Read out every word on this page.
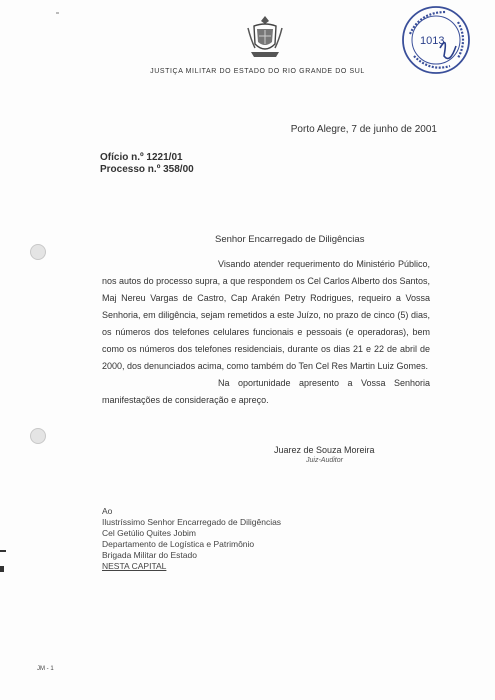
JUSTIÇA MILITAR DO ESTADO DO RIO GRANDE DO SUL
1013
Porto Alegre, 7 de junho de 2001
Ofício n.º 1221/01
Processo n.º 358/00
Senhor Encarregado de Diligências

Visando atender requerimento do Ministério Público, nos autos do processo supra, a que respondem os Cel Carlos Alberto dos Santos, Maj Nereu Vargas de Castro, Cap Arakén Petry Rodrigues, requeiro a Vossa Senhoria, em diligência, sejam remetidos a este Juízo, no prazo de cinco (5) dias, os números dos telefones celulares funcionais e pessoais (e operadoras), bem como os números dos telefones residenciais, durante os dias 21 e 22 de abril de 2000, dos denunciados acima, como também do Ten Cel Res Martin Luiz Gomes.

Na oportunidade apresento a Vossa Senhoria manifestações de consideração e apreço.

Juarez de Souza Moreira
Juiz-Auditor
Ao
Ilustríssimo Senhor Encarregado de Diligências
Cel Getúlio Quites Jobim
Departamento de Logística e Patrimônio
Brigada Militar do Estado
NESTA CAPITAL
JM - 1
